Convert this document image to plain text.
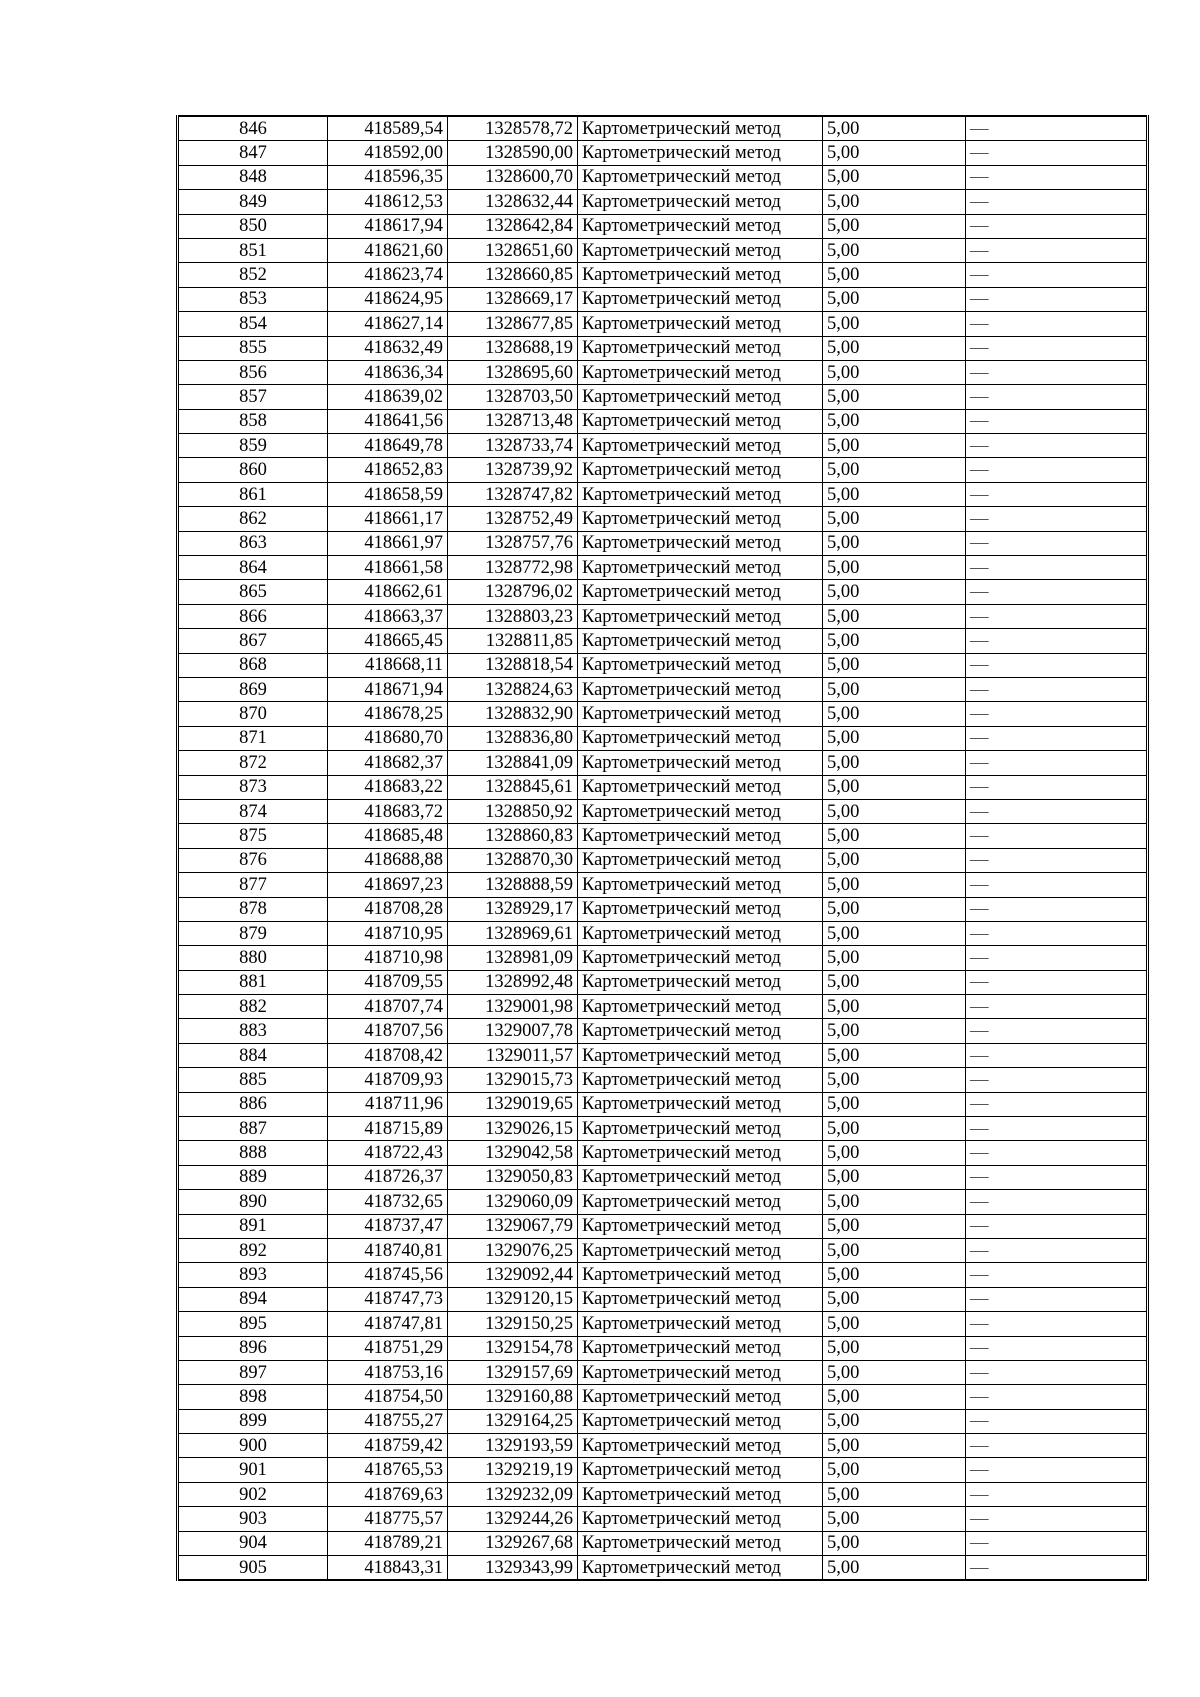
846	418589,54	1328578,72	Картометрический метод	5,00	—
847	418592,00	1328590,00	Картометрический метод	5,00	—
848	418596,35	1328600,70	Картометрический метод	5,00	—
849	418612,53	1328632,44	Картометрический метод	5,00	—
850	418617,94	1328642,84	Картометрический метод	5,00	—
851	418621,60	1328651,60	Картометрический метод	5,00	—
852	418623,74	1328660,85	Картометрический метод	5,00	—
853	418624,95	1328669,17	Картометрический метод	5,00	—
854	418627,14	1328677,85	Картометрический метод	5,00	—
855	418632,49	1328688,19	Картометрический метод	5,00	—
856	418636,34	1328695,60	Картометрический метод	5,00	—
857	418639,02	1328703,50	Картометрический метод	5,00	—
858	418641,56	1328713,48	Картометрический метод	5,00	—
859	418649,78	1328733,74	Картометрический метод	5,00	—
860	418652,83	1328739,92	Картометрический метод	5,00	—
861	418658,59	1328747,82	Картометрический метод	5,00	—
862	418661,17	1328752,49	Картометрический метод	5,00	—
863	418661,97	1328757,76	Картометрический метод	5,00	—
864	418661,58	1328772,98	Картометрический метод	5,00	—
865	418662,61	1328796,02	Картометрический метод	5,00	—
866	418663,37	1328803,23	Картометрический метод	5,00	—
867	418665,45	1328811,85	Картометрический метод	5,00	—
868	418668,11	1328818,54	Картометрический метод	5,00	—
869	418671,94	1328824,63	Картометрический метод	5,00	—
870	418678,25	1328832,90	Картометрический метод	5,00	—
871	418680,70	1328836,80	Картометрический метод	5,00	—
872	418682,37	1328841,09	Картометрический метод	5,00	—
873	418683,22	1328845,61	Картометрический метод	5,00	—
874	418683,72	1328850,92	Картометрический метод	5,00	—
875	418685,48	1328860,83	Картометрический метод	5,00	—
876	418688,88	1328870,30	Картометрический метод	5,00	—
877	418697,23	1328888,59	Картометрический метод	5,00	—
878	418708,28	1328929,17	Картометрический метод	5,00	—
879	418710,95	1328969,61	Картометрический метод	5,00	—
880	418710,98	1328981,09	Картометрический метод	5,00	—
881	418709,55	1328992,48	Картометрический метод	5,00	—
882	418707,74	1329001,98	Картометрический метод	5,00	—
883	418707,56	1329007,78	Картометрический метод	5,00	—
884	418708,42	1329011,57	Картометрический метод	5,00	—
885	418709,93	1329015,73	Картометрический метод	5,00	—
886	418711,96	1329019,65	Картометрический метод	5,00	—
887	418715,89	1329026,15	Картометрический метод	5,00	—
888	418722,43	1329042,58	Картометрический метод	5,00	—
889	418726,37	1329050,83	Картометрический метод	5,00	—
890	418732,65	1329060,09	Картометрический метод	5,00	—
891	418737,47	1329067,79	Картометрический метод	5,00	—
892	418740,81	1329076,25	Картометрический метод	5,00	—
893	418745,56	1329092,44	Картометрический метод	5,00	—
894	418747,73	1329120,15	Картометрический метод	5,00	—
895	418747,81	1329150,25	Картометрический метод	5,00	—
896	418751,29	1329154,78	Картометрический метод	5,00	—
897	418753,16	1329157,69	Картометрический метод	5,00	—
898	418754,50	1329160,88	Картометрический метод	5,00	—
899	418755,27	1329164,25	Картометрический метод	5,00	—
900	418759,42	1329193,59	Картометрический метод	5,00	—
901	418765,53	1329219,19	Картометрический метод	5,00	—
902	418769,63	1329232,09	Картометрический метод	5,00	—
903	418775,57	1329244,26	Картометрический метод	5,00	—
904	418789,21	1329267,68	Картометрический метод	5,00	—
905	418843,31	1329343,99	Картометрический метод	5,00	—
